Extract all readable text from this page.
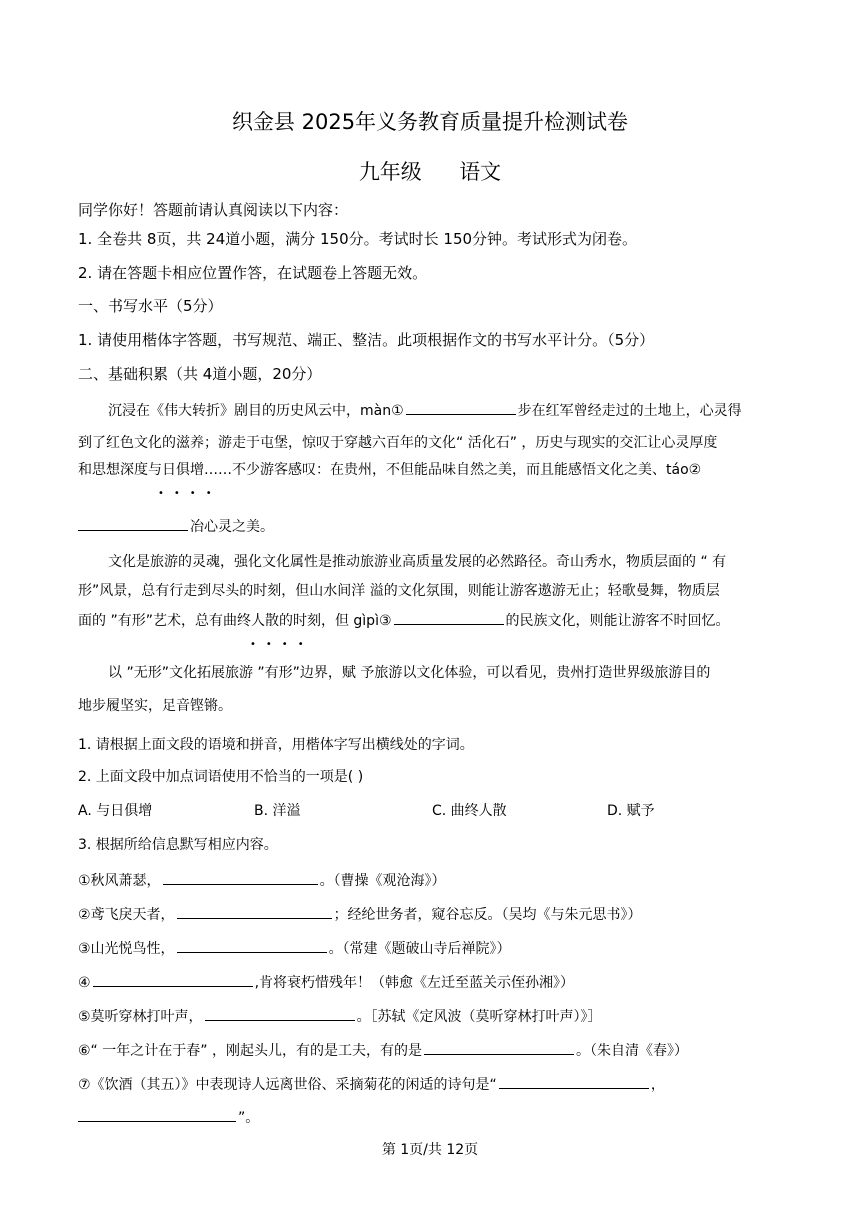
织金县 2025年义务教育质量提升检测试卷
九年级 语文
同学你好！答题前请认真阅读以下内容：
1. 全卷共 8页，共 24道小题，满分 150分。考试时长 150分钟。考试形式为闭卷。
2. 请在答题卡相应位置作答，在试题卷上答题无效。
一、书写水平（5分）
1. 请使用楷体字答题，书写规范、端正、整洁。此项根据作文的书写水平计分。（5分）
二、基础积累（共 4道小题，20分）
沉浸在《伟大转折》剧目的历史风云中，màn①	步在红军曾经走过的土地上，心灵得
到了红色文化的滋养；游走于屯堡，惊叹于穿越六百年的文化“ 活化石” ，历史与现实的交汇让心灵厚度
和思想深度与日俱增……不少游客感叹：在贵州，不但能品味自然之美，而且能感悟文化之美、táo②
••••
冶心灵之美。
文化是旅游的灵魂，强化文化属性是推动旅游业高质量发展的必然路径。奇山秀水，物质层面的 “ 有
形”风景，总有行走到尽头的时刻，但山水间洋 溢的文化氛围，则能让游客遨游无止；轻歌曼舞，物质层
面的 ”有形”艺术，总有曲终人散的时刻，但 gìpì③	的民族文化，则能让游客不时回忆。
••••
以 ”无形”文化拓展旅游 ”有形”边界，赋 予旅游以文化体验，可以看见，贵州打造世界级旅游目的
地步履坚实，足音铿锵。
1. 请根据上面文段的语境和拼音，用楷体字写出横线处的字词。
2. 上面文段中加点词语使用不恰当的一项是( )
A. 与日俱增	B. 洋溢	C. 曲终人散	D. 赋予
3. 根据所给信息默写相应内容。
①秋风萧瑟，	。（曹操《观沧海》）
②鸢飞戾天者，	；经纶世务者，窥谷忘反。（吴均《与朱元思书》）
③山光悦鸟性，	。（常建《题破山寺后禅院》）
④	,肯将衰朽惜残年！（韩愈《左迁至蓝关示侄孙湘》）
⑤莫听穿林打叶声，	。［苏轼《定风波（莫听穿林打叶声）》］
⑥“ 一年之计在于春” ，刚起头儿，有的是工夫，有的是	。（朱自清《春》）
⑦《饮酒（其五）》中表现诗人远离世俗、采摘菊花的闲适的诗句是“	，
”。
第 1页/共 12页
